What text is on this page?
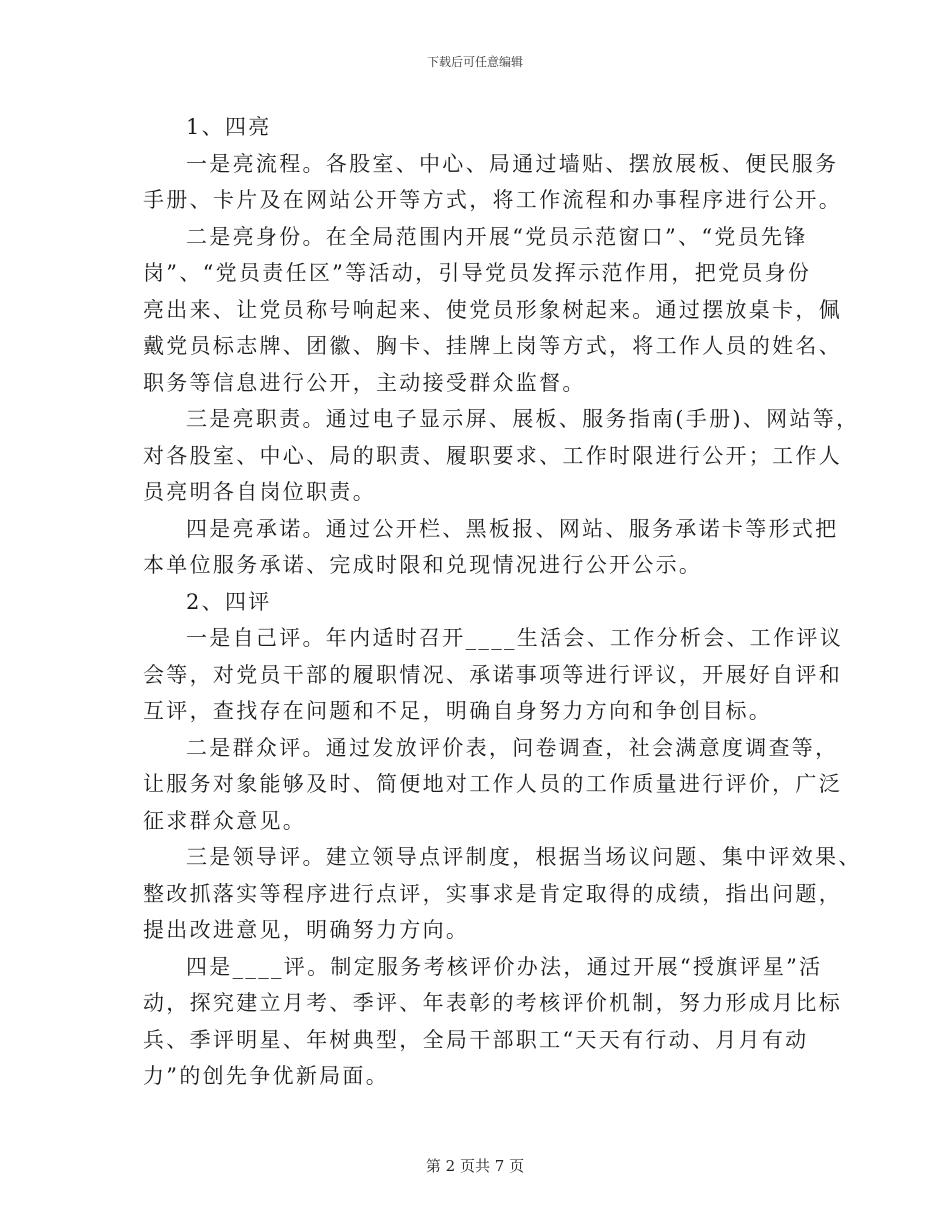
下载后可任意编辑
1、四亮
一是亮流程。各股室、中心、局通过墙贴、摆放展板、便民服务
手册、卡片及在网站公开等方式，将工作流程和办事程序进行公开。
二是亮身份。在全局范围内开展“党员示范窗口”、“党员先锋
岗”、“党员责任区”等活动，引导党员发挥示范作用，把党员身份
亮出来、让党员称号响起来、使党员形象树起来。通过摆放桌卡，佩
戴党员标志牌、团徽、胸卡、挂牌上岗等方式，将工作人员的姓名、
职务等信息进行公开，主动接受群众监督。
三是亮职责。通过电子显示屏、展板、服务指南(手册)、网站等，
对各股室、中心、局的职责、履职要求、工作时限进行公开；工作人
员亮明各自岗位职责。
四是亮承诺。通过公开栏、黑板报、网站、服务承诺卡等形式把
本单位服务承诺、完成时限和兑现情况进行公开公示。
2、四评
一是自己评。年内适时召开____生活会、工作分析会、工作评议
会等，对党员干部的履职情况、承诺事项等进行评议，开展好自评和
互评，查找存在问题和不足，明确自身努力方向和争创目标。
二是群众评。通过发放评价表，问卷调查，社会满意度调查等，
让服务对象能够及时、简便地对工作人员的工作质量进行评价，广泛
征求群众意见。
三是领导评。建立领导点评制度，根据当场议问题、集中评效果、
整改抓落实等程序进行点评，实事求是肯定取得的成绩，指出问题，
提出改进意见，明确努力方向。
四是____评。制定服务考核评价办法，通过开展“授旗评星”活
动，探究建立月考、季评、年表彰的考核评价机制，努力形成月比标
兵、季评明星、年树典型，全局干部职工“天天有行动、月月有动
力”的创先争优新局面。
第 2 页共 7 页
